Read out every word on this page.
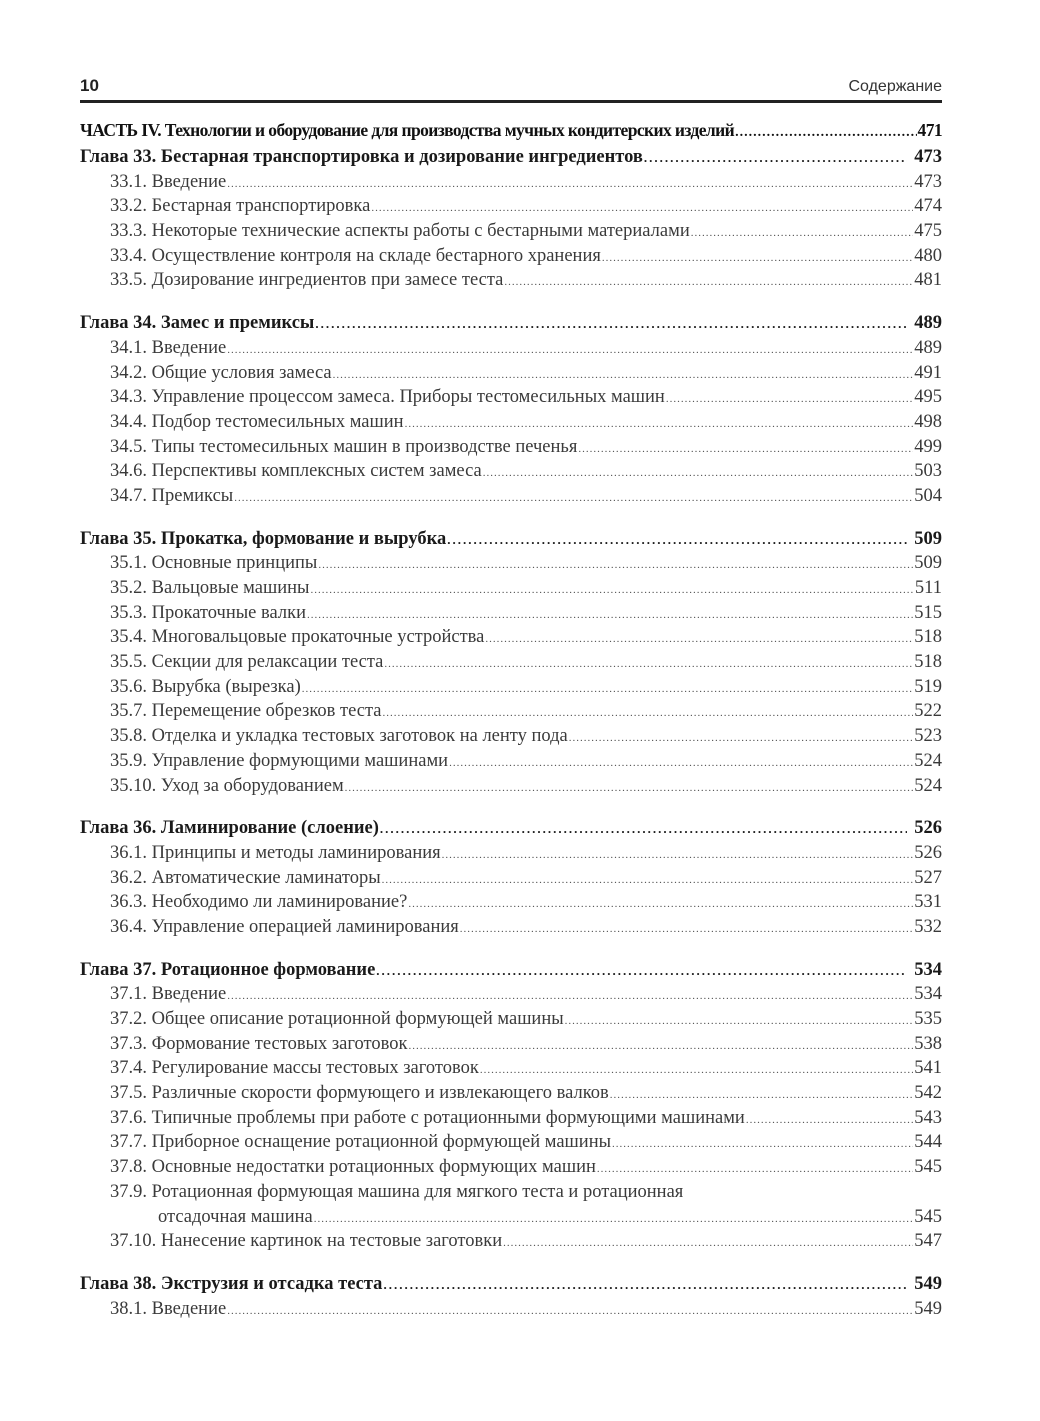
10	Содержание
ЧАСТЬ IV. Технологии и оборудование для производства мучных кондитерских изделий .....	471
Глава 33. Бестарная транспортировка и дозирование ингредиентов .....	473
33.1. Введение .....	473
33.2. Бестарная транспортировка .....	474
33.3. Некоторые технические аспекты работы с бестарными материалами .....	475
33.4. Осуществление контроля на складе бестарного хранения .....	480
33.5. Дозирование ингредиентов при замесе теста .....	481
Глава 34. Замес и премиксы .....	489
34.1. Введение .....	489
34.2. Общие условия замеса .....	491
34.3. Управление процессом замеса. Приборы тестомесильных машин .....	495
34.4. Подбор тестомесильных машин .....	498
34.5. Типы тестомесильных машин в производстве печенья .....	499
34.6. Перспективы комплексных систем замеса .....	503
34.7. Премиксы .....	504
Глава 35. Прокатка, формование и вырубка .....	509
35.1. Основные принципы .....	509
35.2. Вальцовые машины .....	511
35.3. Прокаточные валки .....	515
35.4. Многовальцовые прокаточные устройства .....	518
35.5. Секции для релаксации теста .....	518
35.6. Вырубка (вырезка) .....	519
35.7. Перемещение обрезков теста .....	522
35.8. Отделка и укладка тестовых заготовок на ленту пода .....	523
35.9. Управление формующими машинами .....	524
35.10. Уход за оборудованием .....	524
Глава 36. Ламинирование (слоение) .....	526
36.1. Принципы и методы ламинирования .....	526
36.2. Автоматические ламинаторы .....	527
36.3. Необходимо ли ламинирование? .....	531
36.4. Управление операцией ламинирования .....	532
Глава 37. Ротационное формование .....	534
37.1. Введение .....	534
37.2. Общее описание ротационной формующей машины .....	535
37.3. Формование тестовых заготовок .....	538
37.4. Регулирование массы тестовых заготовок .....	541
37.5. Различные скорости формующего и извлекающего валков .....	542
37.6. Типичные проблемы при работе с ротационными формующими машинами .....	543
37.7. Приборное оснащение ротационной формующей машины .....	544
37.8. Основные недостатки ротационных формующих машин .....	545
37.9. Ротационная формующая машина для мягкого теста и ротационная
отсадочная машина .....	545
37.10. Нанесение картинок на тестовые заготовки .....	547
Глава 38. Экструзия и отсадка теста .....	549
38.1. Введение .....	549
